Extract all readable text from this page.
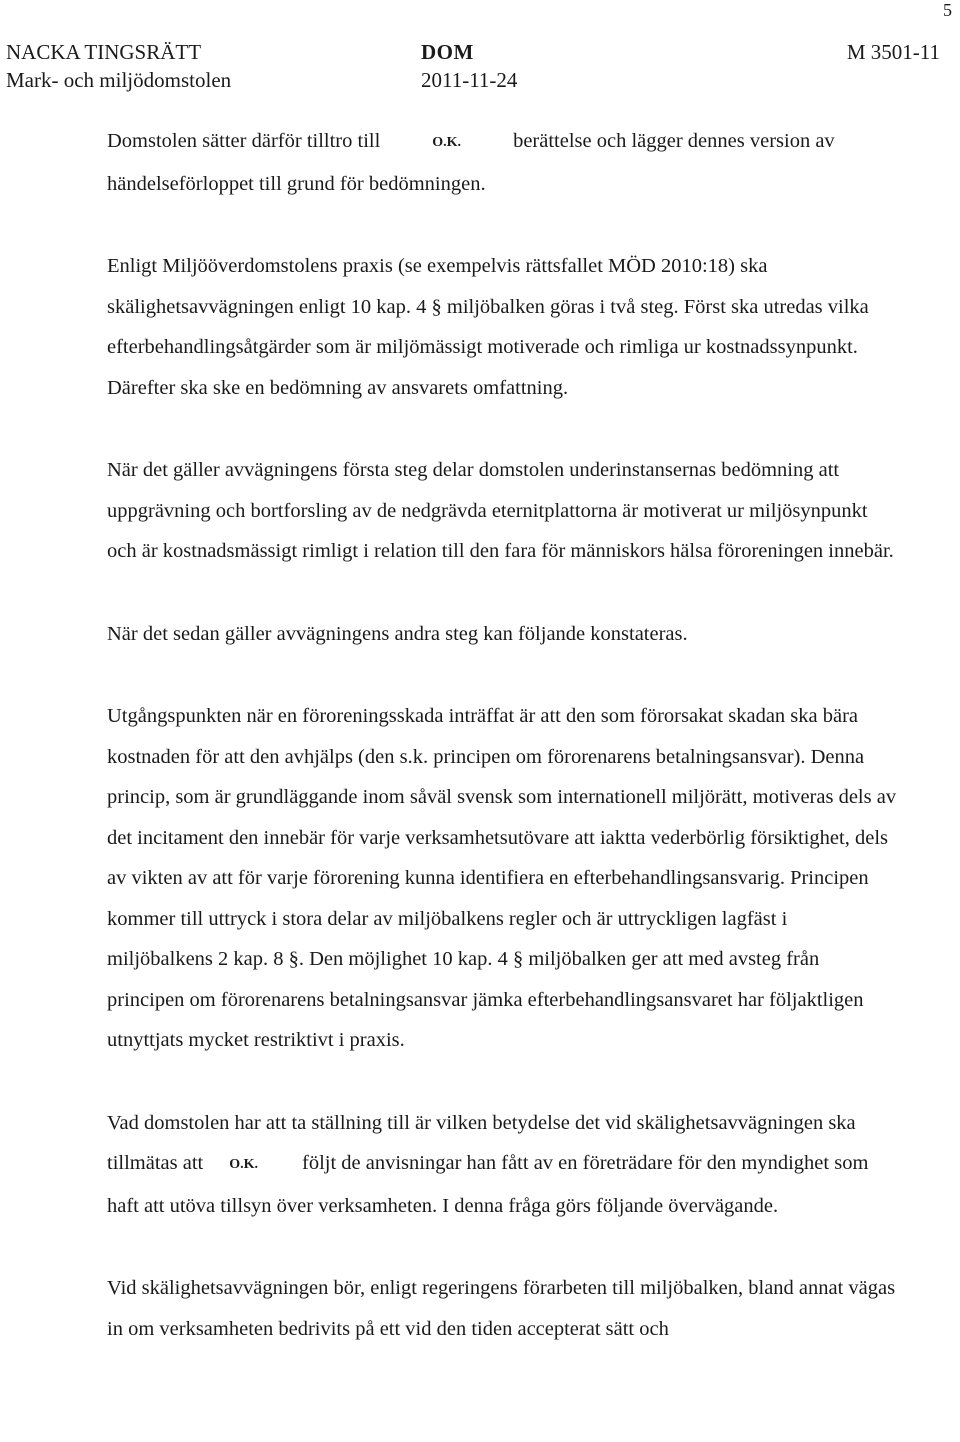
5
NACKA TINGSRÄTT
Mark- och miljödomstolen
DOM
2011-11-24
M 3501-11

Domstolen sätter därför tilltro till	O.K.	berättelse och lägger dennes version av händelseförloppet till grund för bedömningen.

Enligt Miljööverdomstolens praxis (se exempelvis rättsfallet MÖD 2010:18) ska skälighetsavvägningen enligt 10 kap. 4 § miljöbalken göras i två steg. Först ska utredas vilka efterbehandlingsåtgärder som är miljömässigt motiverade och rimliga ur kostnadssynpunkt. Därefter ska ske en bedömning av ansvarets omfattning.

När det gäller avvägningens första steg delar domstolen underinstansernas bedömning att uppgrävning och bortforsling av de nedgrävda eternitplattorna är motiverat ur miljösynpunkt och är kostnadsmässigt rimligt i relation till den fara för människors hälsa föroreningen innebär.

När det sedan gäller avvägningens andra steg kan följande konstateras.

Utgångspunkten när en föroreningsskada inträffat är att den som förorsakat skadan ska bära kostnaden för att den avhjälps (den s.k. principen om förorenarens betalningsansvar). Denna princip, som är grundläggande inom såväl svensk som internationell miljörätt, motiveras dels av det incitament den innebär för varje verksamhetsutövare att iaktta vederbörlig försiktighet, dels av vikten av att för varje förorening kunna identifiera en efterbehandlingsansvarig. Principen kommer till uttryck i stora delar av miljöbalkens regler och är uttryckligen lagfäst i miljöbalkens 2 kap. 8 §. Den möjlighet 10 kap. 4 § miljöbalken ger att med avsteg från principen om förorenarens betalningsansvar jämka efterbehandlingsansvaret har följaktligen utnyttjats mycket restriktivt i praxis.

Vad domstolen har att ta ställning till är vilken betydelse det vid skälighetsavvägningen ska tillmätas att O.K. följt de anvisningar han fått av en företrädare för den myndighet som haft att utöva tillsyn över verksamheten. I denna fråga görs följande övervägande.

Vid skälighetsavvägningen bör, enligt regeringens förarbeten till miljöbalken, bland annat vägas in om verksamheten bedrivits på ett vid den tiden accepterat sätt och
